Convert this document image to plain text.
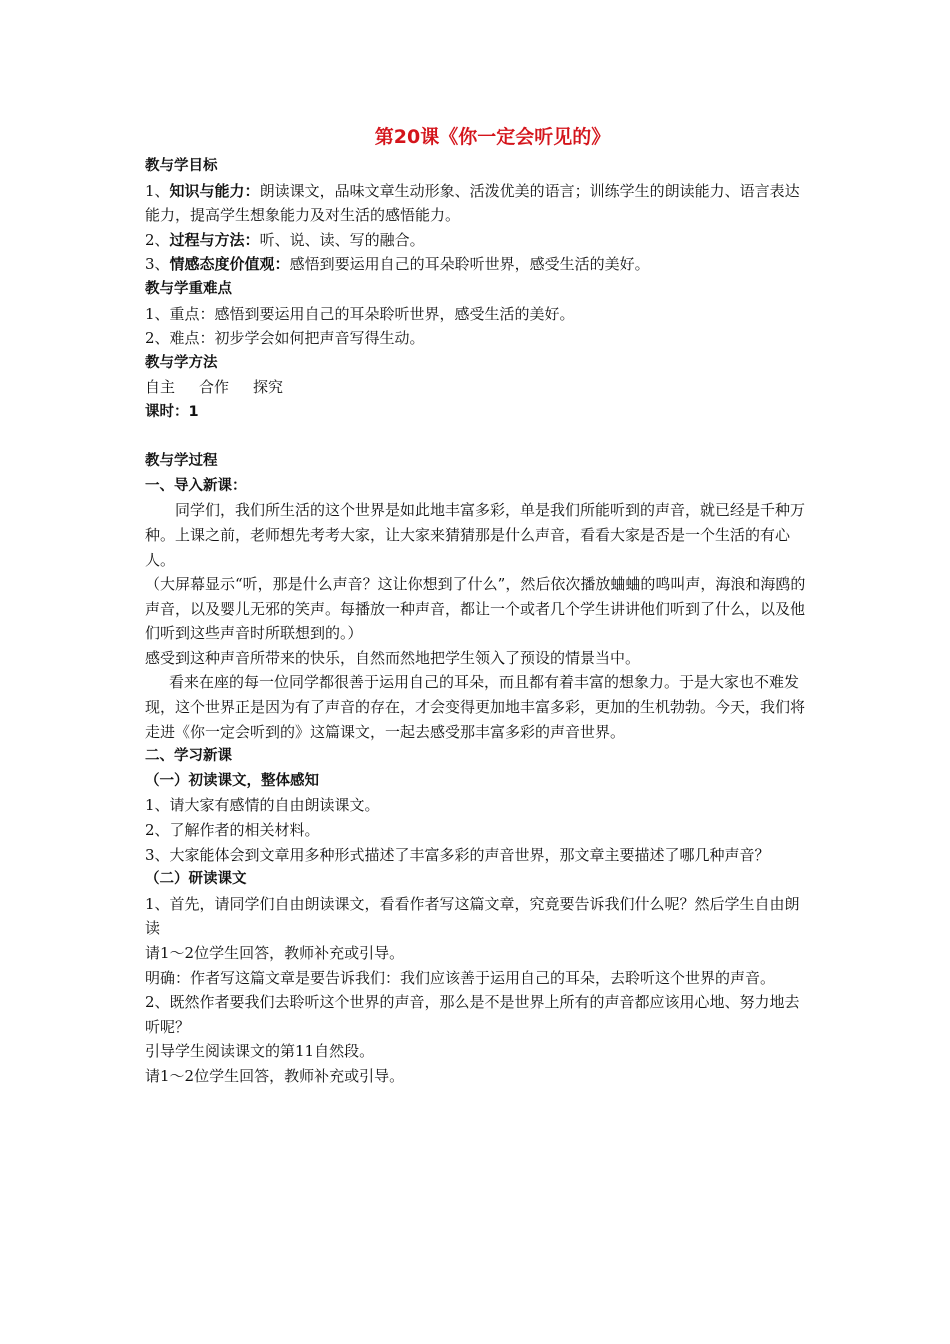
第20课《你一定会听见的》
教与学目标
1、知识与能力：朗读课文，品味文章生动形象、活泼优美的语言；训练学生的朗读能力、语言表达能力，提高学生想象能力及对生活的感悟能力。
2、过程与方法：听、说、读、写的融合。
3、情感态度价值观：感悟到要运用自己的耳朵聆听世界，感受生活的美好。
教与学重难点
1、重点：感悟到要运用自己的耳朵聆听世界，感受生活的美好。
2、难点：初步学会如何把声音写得生动。
教与学方法
自主 合作 探究
课时：1
教与学过程
一、导入新课：
同学们，我们所生活的这个世界是如此地丰富多彩，单是我们所能听到的声音，就已经是千种万种。上课之前，老师想先考考大家，让大家来猜猜那是什么声音，看看大家是否是一个生活的有心人。
（大屏幕显示“听，那是什么声音？这让你想到了什么”，然后依次播放蛐蛐的鸣叫声，海浪和海鸥的声音，以及婴儿无邪的笑声。每播放一种声音，都让一个或者几个学生讲讲他们听到了什么，以及他们听到这些声音时所联想到的。）
感受到这种声音所带来的快乐，自然而然地把学生领入了预设的情景当中。
看来在座的每一位同学都很善于运用自己的耳朵，而且都有着丰富的想象力。于是大家也不难发现，这个世界正是因为有了声音的存在，才会变得更加地丰富多彩，更加的生机勃勃。今天，我们将走进《你一定会听到的》这篇课文，一起去感受那丰富多彩的声音世界。
二、学习新课
（一）初读课文，整体感知
1、请大家有感情的自由朗读课文。
2、了解作者的相关材料。
3、大家能体会到文章用多种形式描述了丰富多彩的声音世界，那文章主要描述了哪几种声音？
（二）研读课文
1、首先，请同学们自由朗读课文，看看作者写这篇文章，究竟要告诉我们什么呢？然后学生自由朗读
请1～2位学生回答，教师补充或引导。
明确：作者写这篇文章是要告诉我们：我们应该善于运用自己的耳朵，去聆听这个世界的声音。
2、既然作者要我们去聆听这个世界的声音，那么是不是世界上所有的声音都应该用心地、努力地去听呢？
引导学生阅读课文的第11自然段。
请1～2位学生回答，教师补充或引导。
